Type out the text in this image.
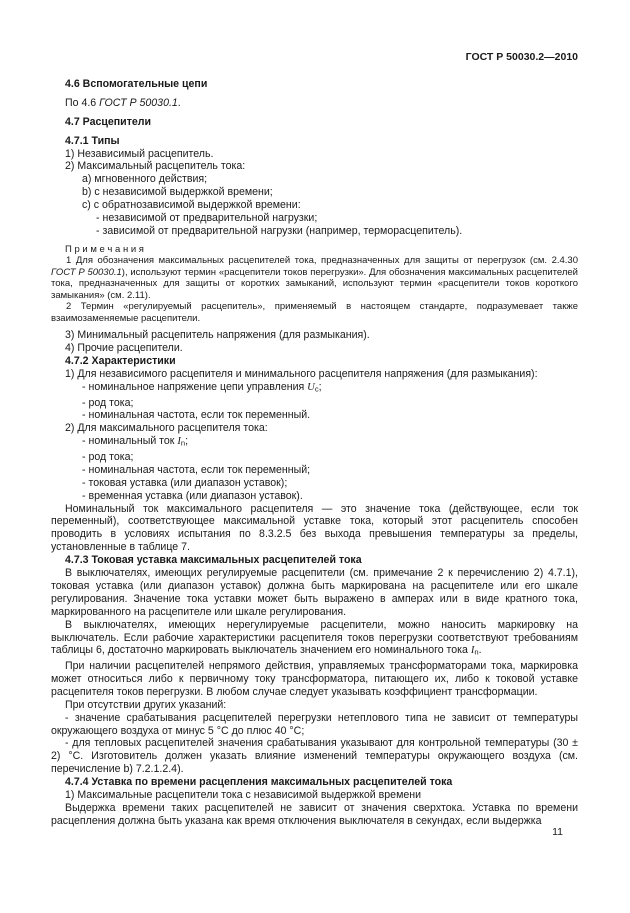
ГОСТ Р 50030.2—2010

4.6 Вспомогательные цепи

По 4.6 ГОСТ Р 50030.1.

4.7 Расцепители

4.7.1 Типы

1) Независимый расцепитель.

2) Максимальный расцепитель тока:

a) мгновенного действия;

b) с независимой выдержкой времени;

c) с обратнозависимой выдержкой времени:

- независимой от предварительной нагрузки;

- зависимой от предварительной нагрузки (например, терморасцепитель).

П р и м е ч а н и я

1 Для обозначения максимальных расцепителей тока, предназначенных для защиты от перегрузок (см. 2.4.30 ГОСТ Р 50030.1), используют термин «расцепители токов перегрузки». Для обозначения максимальных расцепителей тока, предназначенных для защиты от коротких замыканий, используют термин «расцепители токов короткого замыкания» (см. 2.11).

2 Термин «регулируемый расцепитель», применяемый в настоящем стандарте, подразумевает также взаимозаменяемые расцепители.

3) Минимальный расцепитель напряжения (для размыкания).

4) Прочие расцепители.

4.7.2 Характеристики

1) Для независимого расцепителя и минимального расцепителя напряжения (для размыкания):

- номинальное напряжение цепи управления $U_c$;

- род тока;

- номинальная частота, если ток переменный.

2) Для максимального расцепителя тока:

- номинальный ток $I_n$;

- род тока;

- номинальная частота, если ток переменный;

- токовая уставка (или диапазон уставок);

- временная уставка (или диапазон уставок).

Номинальный ток максимального расцепителя — это значение тока (действующее, если ток переменный), соответствующее максимальной уставке тока, который этот расцепитель способен проводить в условиях испытания по 8.3.2.5 без выхода превышения температуры за пределы, установленные в таблице 7.

4.7.3 Токовая уставка максимальных расцепителей тока

В выключателях, имеющих регулируемые расцепители (см. примечание 2 к перечислению 2) 4.7.1), токовая уставка (или диапазон уставок) должна быть маркирована на расцепителе или его шкале регулирования. Значение тока уставки может быть выражено в амперах или в виде кратного тока, маркированного на расцепителе или шкале регулирования.

В выключателях, имеющих нерегулируемые расцепители, можно наносить маркировку на выключатель. Если рабочие характеристики расцепителя токов перегрузки соответствуют требованиям таблицы 6, достаточно маркировать выключатель значением его номинального тока $I_n$.

При наличии расцепителей непрямого действия, управляемых трансформаторами тока, маркировка может относиться либо к первичному току трансформатора, питающего их, либо к токовой уставке расцепителя токов перегрузки. В любом случае следует указывать коэффициент трансформации.

При отсутствии других указаний:

- значение срабатывания расцепителей перегрузки нетеплового типа не зависит от температуры окружающего воздуха от минус 5 °С до плюс 40 °С;

- для тепловых расцепителей значения срабатывания указывают для контрольной температуры (30 ± 2) °С. Изготовитель должен указать влияние изменений температуры окружающего воздуха (см. перечисление b) 7.2.1.2.4).

4.7.4 Уставка по времени расцепления максимальных расцепителей тока

1) Максимальные расцепители тока с независимой выдержкой времени

Выдержка времени таких расцепителей не зависит от значения сверхтока. Уставка по времени расцепления должна быть указана как время отключения выключателя в секундах, если выдержка

11
